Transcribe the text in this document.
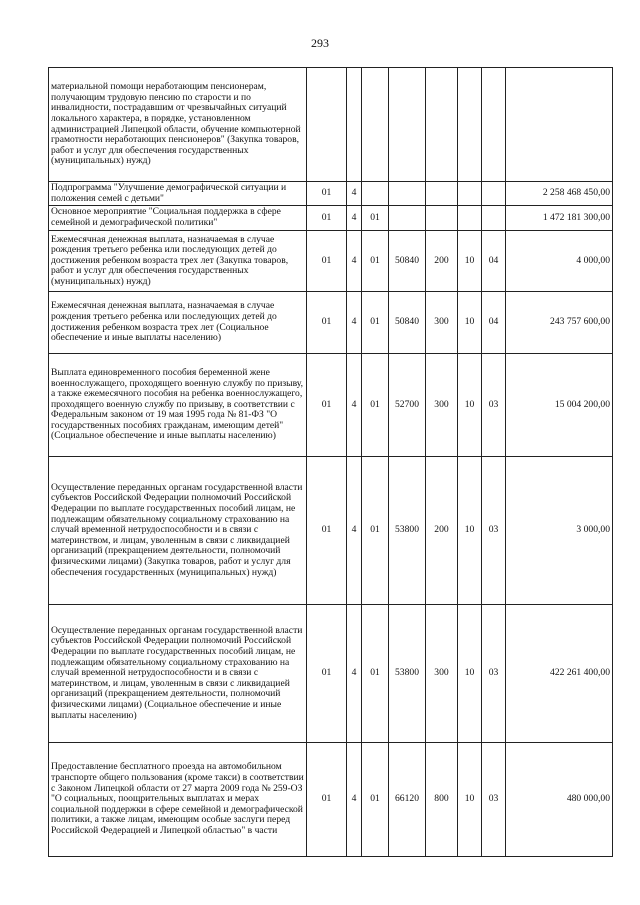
293
материальной помощи неработающим пенсионерам, получающим трудовую пенсию по старости и по инвалидности, пострадавшим от чрезвычайных ситуаций локального характера, в порядке, установленном администрацией Липецкой области, обучение компьютерной грамотности неработающих пенсионеров" (Закупка товаров, работ и услуг для обеспечения государственных (муниципальных) нужд)								
Подпрограмма "Улучшение демографической ситуации и положения семей с детьми"	01	4						2 258 468 450,00
Основное мероприятие "Социальная поддержка в сфере семейной и демографической политики"	01	4	01					1 472 181 300,00
Ежемесячная денежная выплата, назначаемая в случае рождения третьего ребенка или последующих детей до достижения ребенком возраста трех лет (Закупка товаров, работ и услуг для обеспечения государственных (муниципальных) нужд)	01	4	01	50840	200	10	04	4 000,00
Ежемесячная денежная выплата, назначаемая в случае рождения третьего ребенка или последующих детей до достижения ребенком возраста трех лет (Социальное обеспечение и иные выплаты населению)	01	4	01	50840	300	10	04	243 757 600,00
Выплата единовременного пособия беременной жене военнослужащего, проходящего военную службу по призыву, а также ежемесячного пособия на ребенка военнослужащего, проходящего военную службу по призыву, в соответствии с Федеральным законом от 19 мая 1995 года № 81-ФЗ "О государственных пособиях гражданам, имеющим детей" (Социальное обеспечение и иные выплаты населению)	01	4	01	52700	300	10	03	15 004 200,00
Осуществление переданных органам государственной власти субъектов Российской Федерации полномочий Российской Федерации по выплате государственных пособий лицам, не подлежащим обязательному социальному страхованию на случай временной нетрудоспособности и в связи с материнством, и лицам, уволенным в связи с ликвидацией организаций (прекращением деятельности, полномочий физическими лицами) (Закупка товаров, работ и услуг для обеспечения государственных (муниципальных) нужд)	01	4	01	53800	200	10	03	3 000,00
Осуществление переданных органам государственной власти субъектов Российской Федерации полномочий Российской Федерации по выплате государственных пособий лицам, не подлежащим обязательному социальному страхованию на случай временной нетрудоспособности и в связи с материнством, и лицам, уволенным в связи с ликвидацией организаций (прекращением деятельности, полномочий физическими лицами) (Социальное обеспечение и иные выплаты населению)	01	4	01	53800	300	10	03	422 261 400,00
Предоставление бесплатного проезда на автомобильном транспорте общего пользования (кроме такси) в соответствии с Законом Липецкой области от 27 марта 2009 года № 259-ОЗ "О социальных, поощрительных выплатах и мерах социальной поддержки в сфере семейной и демографической политики, а также лицам, имеющим особые заслуги перед Российской Федерацией и Липецкой областью" в части	01	4	01	66120	800	10	03	480 000,00
